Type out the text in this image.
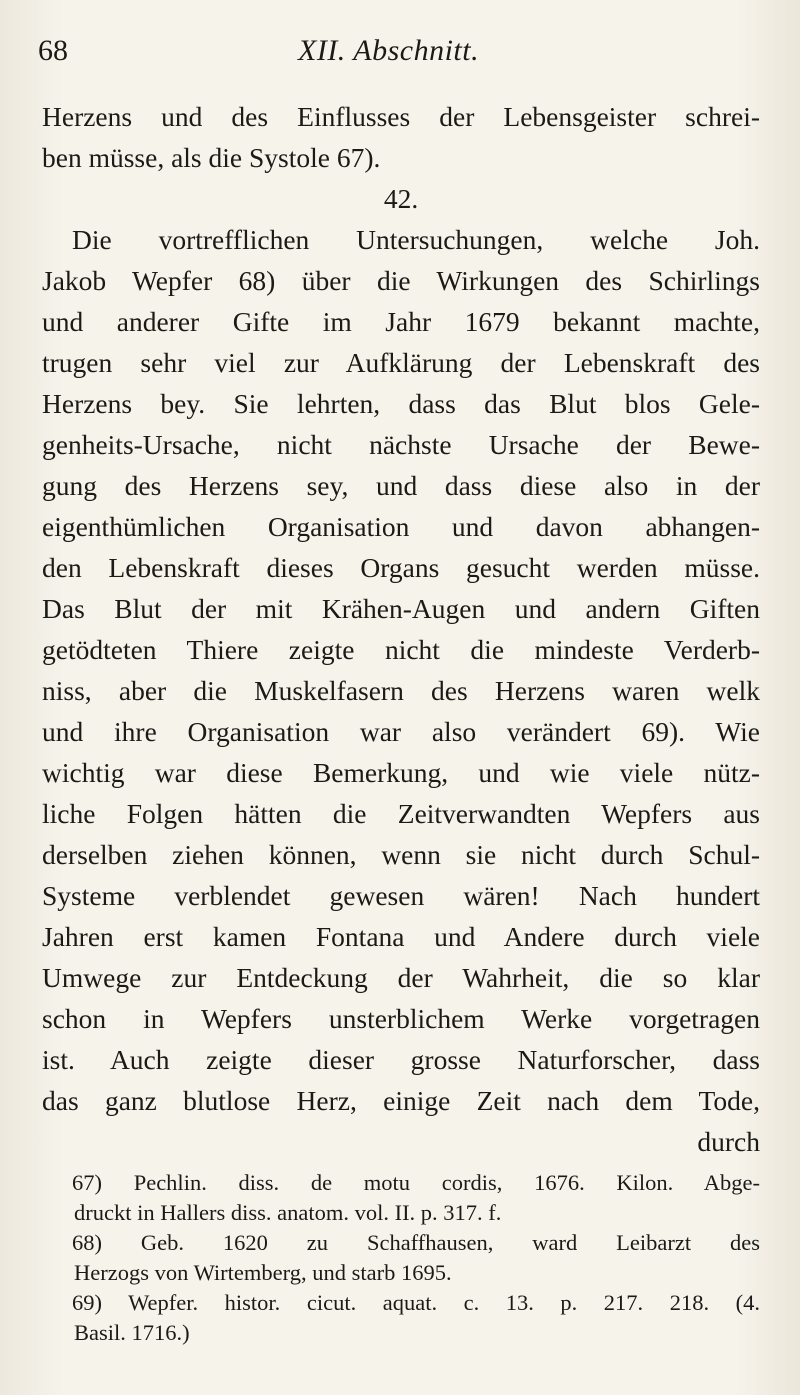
68	XII. Abschnitt.
Herzens und des Einflusses der Lebensgeister schrei-
ben müsse, als die Systole 67).
42.
Die vortrefflichen Untersuchungen, welche Joh.
Jakob Wepfer 68) über die Wirkungen des Schirlings
und anderer Gifte im Jahr 1679 bekannt machte,
trugen sehr viel zur Aufklärung der Lebenskraft des
Herzens bey. Sie lehrten, dass das Blut blos Gele-
genheits-Ursache, nicht nächste Ursache der Bewe-
gung des Herzens sey, und dass diese also in der
eigenthümlichen Organisation und davon abhangen-
den Lebenskraft dieses Organs gesucht werden müsse.
Das Blut der mit Krähen-Augen und andern Giften
getödteten Thiere zeigte nicht die mindeste Verderb-
niss, aber die Muskelfasern des Herzens waren welk
und ihre Organisation war also verändert 69). Wie
wichtig war diese Bemerkung, und wie viele nütz-
liche Folgen hätten die Zeitverwandten Wepfers aus
derselben ziehen können, wenn sie nicht durch Schul-
Systeme verblendet gewesen wären! Nach hundert
Jahren erst kamen Fontana und Andere durch viele
Umwege zur Entdeckung der Wahrheit, die so klar
schon in Wepfers unsterblichem Werke vorgetragen
ist. Auch zeigte dieser grosse Naturforscher, dass
das ganz blutlose Herz, einige Zeit nach dem Tode,
durch
67) Pechlin. diss. de motu cordis, 1676. Kilon. Abge-
druckt in Hallers diss. anatom. vol. II. p. 317. f.
68) Geb. 1620 zu Schaffhausen, ward Leibarzt des
Herzogs von Wirtemberg, und starb 1695.
69) Wepfer. histor. cicut. aquat. c. 13. p. 217. 218. (4.
Basil. 1716.)
